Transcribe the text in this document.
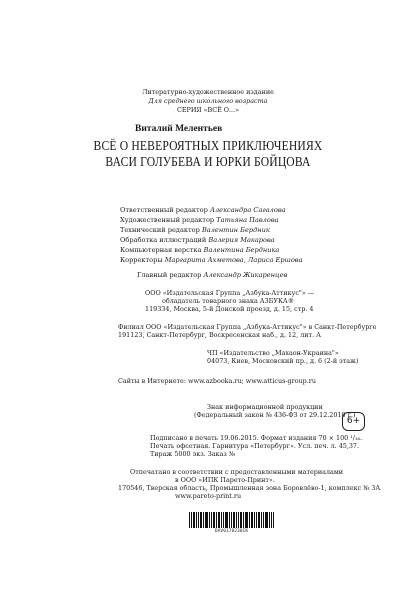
Литературно-художественное издание
Для среднего школьного возраста
СЕРИЯ «ВСЁ О...»
Виталий Мелентьев
ВСЁ О НЕВЕРОЯТНЫХ ПРИКЛЮЧЕНИЯХ
ВАСИ ГОЛУБЕВА И ЮРКИ БОЙЦОВА
Ответственный редактор Александра Сагалова
Художественный редактор Татьяна Павлова
Технический редактор Валентин Бердник
Обработка иллюстраций Валерия Макарова
Компьютерная верстка Валентина Бердника
Корректоры Маргарита Ахметова, Лариса Ершова
Главный редактор Александр Жикаренцев
ООО «Издательская Группа „Азбука-Аттикус"» —
обладатель товарного знака АЗБУКА®
119334, Москва, 5-й Донской проезд, д. 15, стр. 4
Филиал ООО «Издательская Группа „Азбука-Аттикус"» в Санкт-Петербурге
191123, Санкт-Петербург, Воскресенская наб., д. 12, лит. А
ЧП «Издательство „Махаон-Украина"»
04073, Киев, Московский пр., д. 6 (2-й этаж)
Сайты в Интернете: www.azbooka.ru; www.atticus-group.ru
Знак информационной продукции
(Федеральный закон № 436-ФЗ от 29.12.2010 г.)
6+
Подписано в печать 19.06.2015. Формат издания 70 × 100 ¹/₁₆.
Печать офсетная. Гарнитура «Петербург». Усл. печ. л. 45,37.
Тираж 5000 экз. Заказ №
Отпечатано в соответствии с предоставленными материалами
в ООО «ИПК Парето-Принт».
170546, Тверская область, Промышленная зона Боровлёво-1, комплекс № 3А
www.pareto-print.ru
DAV0178230IK
